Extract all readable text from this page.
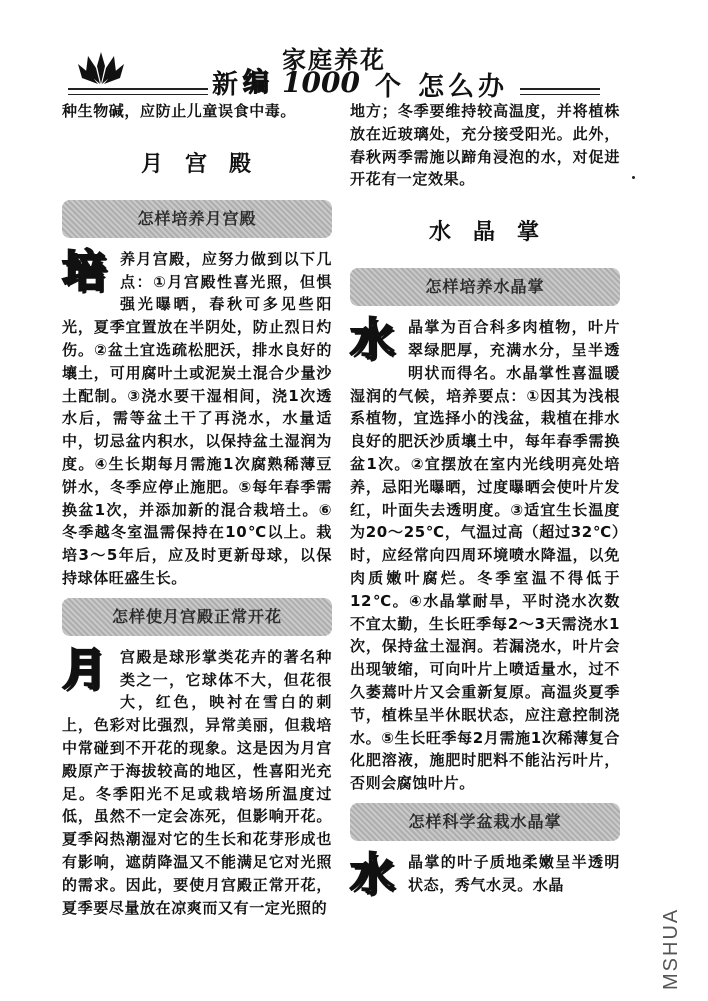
新 编
家庭养花
1000 个 怎么办

种生物碱，应防止儿童误食中毒。

月宫殿
怎样培养月宫殿

培养月宫殿，应努力做到以下几点：①月宫殿性喜光照，但惧强光曝晒，春秋可多见些阳光，夏季宜置放在半阴处，防止烈日灼伤。②盆土宜选疏松肥沃，排水良好的壤土，可用腐叶土或泥炭土混合少量沙土配制。③浇水要干湿相间，浇1次透水后，需等盆土干了再浇水，水量适中，切忌盆内积水，以保持盆土湿润为度。④生长期每月需施1次腐熟稀薄豆饼水，冬季应停止施肥。⑤每年春季需换盆1次，并添加新的混合栽培土。⑥冬季越冬室温需保持在10℃以上。栽培3～5年后，应及时更新母球，以保持球体旺盛生长。

怎样使月宫殿正常开花

月宫殿是球形掌类花卉的著名种类之一，它球体不大，但花很大，红色，映衬在雪白的刺上，色彩对比强烈，异常美丽，但栽培中常碰到不开花的现象。这是因为月宫殿原产于海拔较高的地区，性喜阳光充足。冬季阳光不足或栽培场所温度过低，虽然不一定会冻死，但影响开花。夏季闷热潮湿对它的生长和花芽形成也有影响，遮荫降温又不能满足它对光照的需求。因此，要使月宫殿正常开花，夏季要尽量放在凉爽而又有一定光照的

地方；冬季要维持较高温度，并将植株放在近玻璃处，充分接受阳光。此外，春秋两季需施以蹄角浸泡的水，对促进开花有一定效果。

水晶掌
怎样培养水晶掌

水晶掌为百合科多肉植物，叶片翠绿肥厚，充满水分，呈半透明状而得名。水晶掌性喜温暖湿润的气候，培养要点：①因其为浅根系植物，宜选择小的浅盆，栽植在排水良好的肥沃沙质壤土中，每年春季需换盆1次。②宜摆放在室内光线明亮处培养，忌阳光曝晒，过度曝晒会使叶片发红，叶面失去透明度。③适宜生长温度为20～25℃，气温过高（超过32℃）时，应经常向四周环境喷水降温，以免肉质嫩叶腐烂。冬季室温不得低于12℃。④水晶掌耐旱，平时浇水次数不宜太勤，生长旺季每2～3天需浇水1次，保持盆土湿润。若漏浇水，叶片会出现皱缩，可向叶片上喷适量水，过不久萎蔫叶片又会重新复原。高温炎夏季节，植株呈半休眠状态，应注意控制浇水。⑤生长旺季每2月需施1次稀薄复合化肥溶液，施肥时肥料不能沾污叶片，否则会腐蚀叶片。

怎样科学盆栽水晶掌

水晶掌的叶子质地柔嫩呈半透明状态，秀气水灵。水晶

MSHUA
